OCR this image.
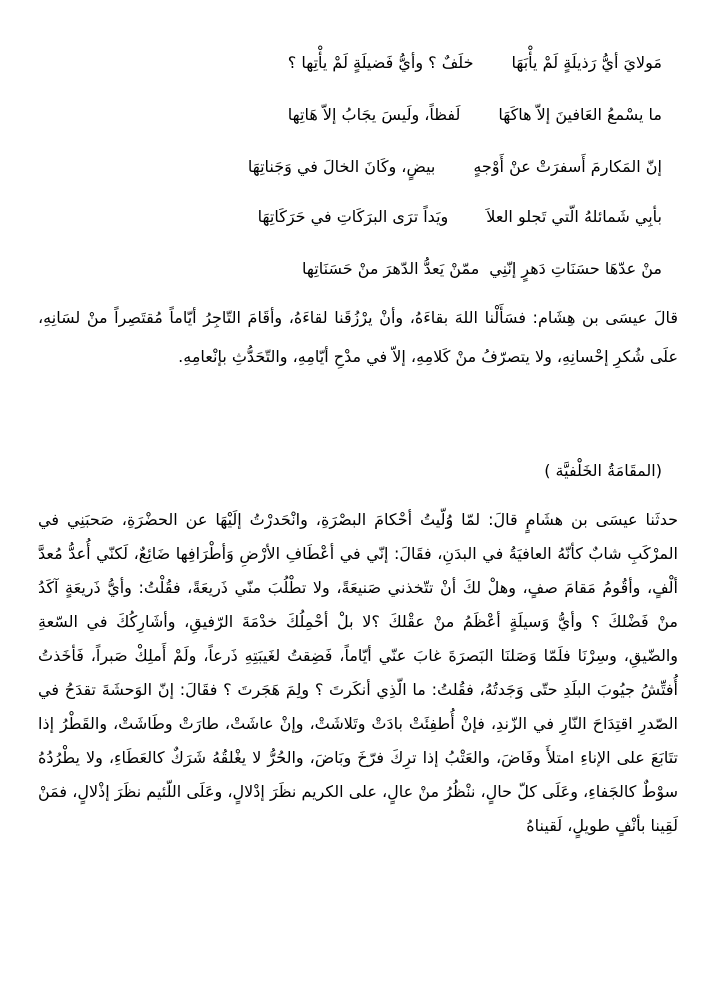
مَولايَ أيُّ رَذيلَةٍ لَمْ يأْبَهَاخلَفٌ ؟ وأيُّ فَضيلَةٍ لَمْ يأْتِها ؟
ما يسْمعُ العَافينَ إلاّ هاكَهَالَفظاً، ولَيسَ يجَابُ إلاّ هَاتِها
إنّ المَكارمَ أَسفرَتْ عنْ أَوْجهٍبيضٍ، وكَانَ الخالَ في وَجَناتِهَا
بأبِي شَمائلهُ الّتي تَجلو العلاَويَداً ترَى البرَكَاتِ في حَرَكَاتِهَا
منْ عدّهَا حسَنَاتِ دَهرٍ إنّنِيممّنْ يَعدُّ الدّهرَ منْ حَسَنَاتِها

قالَ عيسَى بن هِشَام: فسَأَلْنا اللهَ بقاءَهُ، وأنْ يرْزُقَنا لقاءَهُ، وأقَامَ التّاجِرُ أيّاماً مُقتَصِراً منْ لسَانِهِ، علَى شُكرِ إحْسانِهِ، ولا يتصرّفُ منْ كَلامِهِ، إلاّ في مدْحِ أيّامِهِ، والتّحَدُّثِ بإنْعامِهِ.

(المقَامَةُ الخَلْفيَّة )

حدثَنا عيسَى بن هشَامٍ قالَ: لمّا وُلّيتُ أحْكامَ البصْرَةِ، وانْحَدرْتُ إلَيْهَا عن الحضْرَةِ، صَحبَنِي في المرْكَبِ شابٌ كأنّهُ العافيَةُ في البدَنِ، فقَالَ: إنّي في أعْطَافِ الأرْضِ وَأطْرَافِها ضَائِعٌ، لَكنّي أُعدُّ مُعدَّ ألْفٍ، وأقُومُ مَقامَ صفٍ، وهلْ لكَ أنْ تتّخذني صَنيعَةً، ولا تطْلُبَ منّي ذَريعَةً، فقُلْتُ: وأيُّ ذَريعَةٍ آكَدُ منْ فَضْلكَ ؟ وأيُّ وَسيلَةٍ أعْظَمُ منْ عقْلكَ ؟لا بلْ أحْمِلُكَ خدْمَةَ الرّفيقِ، وأشَارِكُكَ في السّعةِ والضّيقِ، وسِرْنَا فلَمّا وَصَلنَا البَصرَةَ غابَ عنّي أيّاماً، فَضِقتُ لغَيبَتِهِ ذَرعاً، ولَمْ أَملِكْ صَبراً، فَأخَذتُ أُفتِّشُ جيُوبَ البلَدِ حتّى وَجَدتُهُ، فقُلتُ: ما الّذِي أنكَرتَ ؟ ولِمَ هَجَرتَ ؟ فقَالَ: إنّ الوَحشَةَ تقدَحُ في الصّدرِ اقتِدَاحَ النّارِ في الزّندِ، فإنْ أُطفِئَتْ بادَتْ وتَلاشَتْ، وإنْ عاشَتْ، طارَتْ وطَاشَتْ، والقَطْرُ إذا تتَابَعَ على الإناءِ امتلأَ وفَاضَ، والعَتْبُ إذا ترِكَ فرّخَ وبَاضَ، والحُرُّ لا يغْلقُهُ شَرَكٌ كالعَطَاءِ، ولا يطْرُدُهُ سوْطٌ كالجَفاءِ، وعَلَى كلّ حالٍ، ننْظُرُ منْ عالٍ، على الكريم نظَرَ إدْلالٍ، وعَلَى اللّئيم نظَرَ إذْلالٍ، فمَنْ لَقِينا بأنْفٍ طويلٍ، لَقيناهُ
